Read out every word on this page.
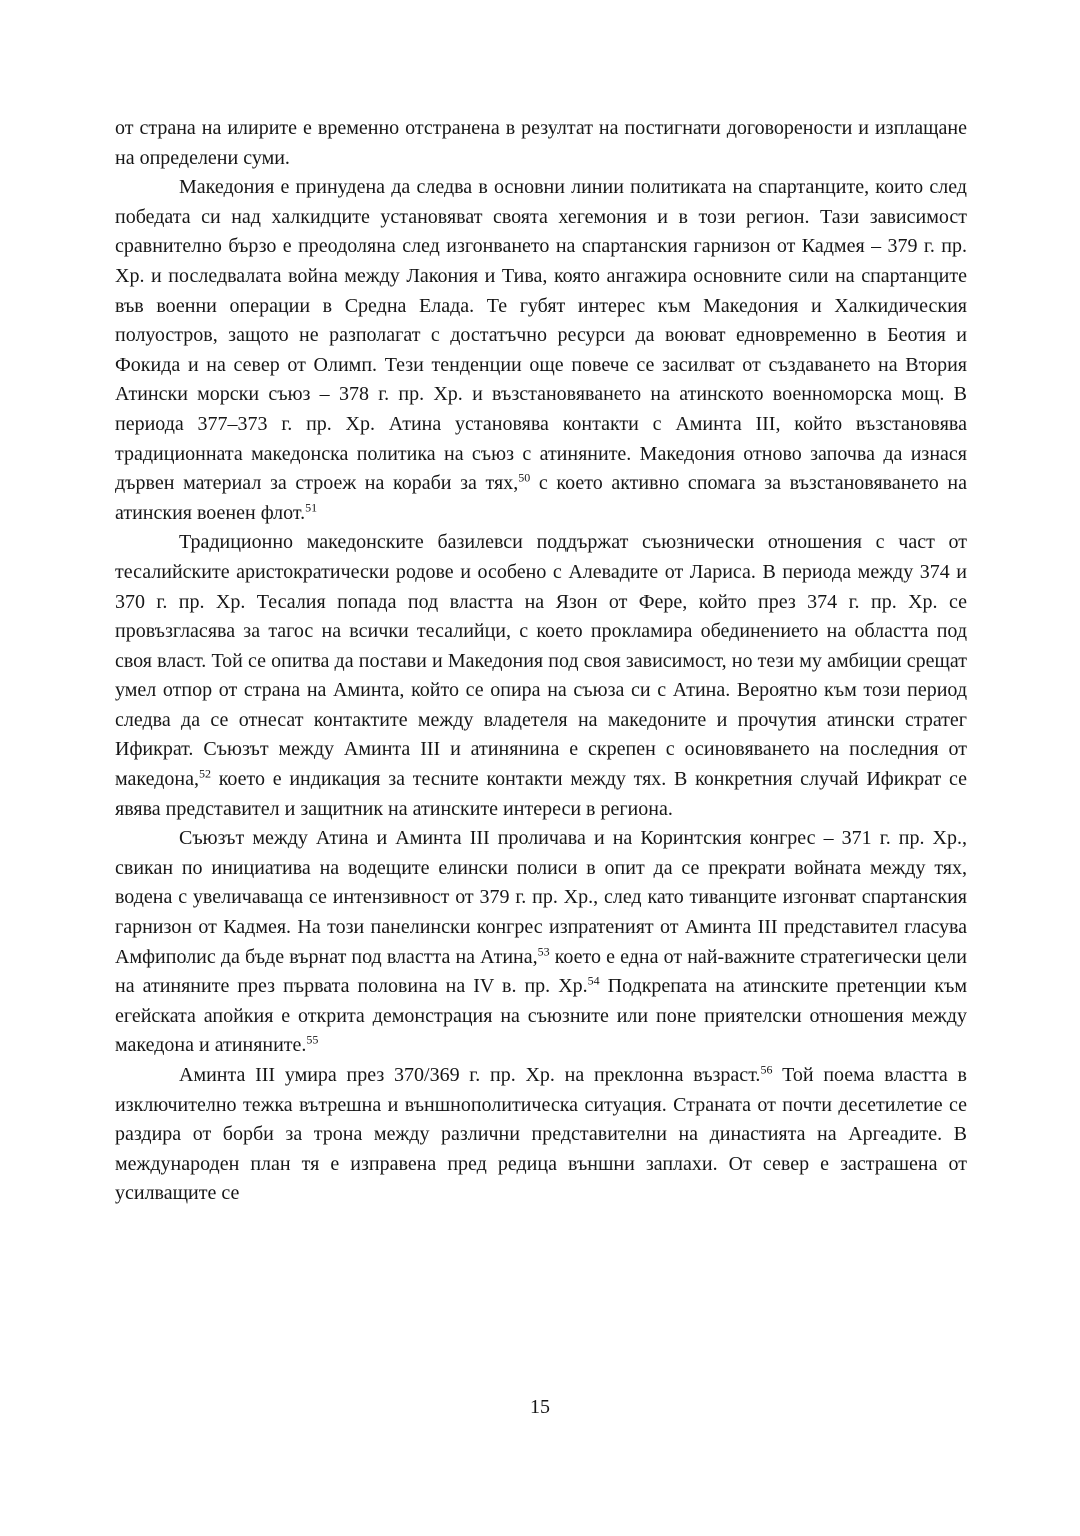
от страна на илирите е временно отстранена в резултат на постигнати договорености и изплащане на определени суми.

Македония е принудена да следва в основни линии политиката на спартанците, които след победата си над халкидците установяват своята хегемония и в този регион. Тази зависимост сравнително бързо е преодоляна след изгонването на спартанския гарнизон от Кадмея – 379 г. пр. Хр. и последвалата война между Лакония и Тива, която ангажира основните сили на спартанците във военни операции в Средна Елада. Те губят интерес към Македония и Халкидическия полуостров, защото не разполагат с достатъчно ресурси да воюват едновременно в Беотия и Фокида и на север от Олимп. Тези тенденции още повече се засилват от създаването на Втория Атински морски съюз – 378 г. пр. Хр. и възстановяването на атинското военноморска мощ. В периода 377–373 г. пр. Хр. Атина установява контакти с Аминта III, който възстановява традиционната македонска политика на съюз с атиняните. Македония отново започва да изнася дървен материал за строеж на кораби за тях,$^{50}$ с което активно спомага за възстановяването на атинския военен флот.$^{51}$

Традиционно македонските базилевси поддържат съюзнически отношения с част от тесалийските аристократически родове и особено с Алевадите от Лариса. В периода между 374 и 370 г. пр. Хр. Тесалия попада под властта на Язон от Фере, който през 374 г. пр. Хр. се провъзгласява за тагос на всички тесалийци, с което прокламира обединението на областта под своя власт. Той се опитва да постави и Македония под своя зависимост, но тези му амбиции срещат умел отпор от страна на Аминта, който се опира на съюза си с Атина. Вероятно към този период следва да се отнесат контактите между владетеля на македоните и прочутия атински стратег Ификрат. Съюзът между Аминта III и атинянина е скрепен с осиновяването на последния от македона,$^{52}$ което е индикация за тесните контакти между тях. В конкретния случай Ификрат се явява представител и защитник на атинските интереси в региона.

Съюзът между Атина и Аминта III проличава и на Коринтския конгрес – 371 г. пр. Хр., свикан по инициатива на водещите елински полиси в опит да се прекрати войната между тях, водена с увеличаваща се интензивност от 379 г. пр. Хр., след като тиванците изгонват спартанския гарнизон от Кадмея. На този панелински конгрес изпратеният от Аминта III представител гласува Амфиполис да бъде върнат под властта на Атина,$^{53}$ което е една от най-важните стратегически цели на атиняните през първата половина на IV в. пр. Хр.$^{54}$ Подкрепата на атинските претенции към егейската апойкия е открита демонстрация на съюзните или поне приятелски отношения между македона и атиняните.$^{55}$

Аминта III умира през 370/369 г. пр. Хр. на преклонна възраст.$^{56}$ Той поема властта в изключително тежка вътрешна и външнополитическа ситуация. Страната от почти десетилетие се раздира от борби за трона между различни представителни на династията на Аргеадите. В международен план тя е изправена пред редица външни заплахи. От север е застрашена от усилващите се

15
